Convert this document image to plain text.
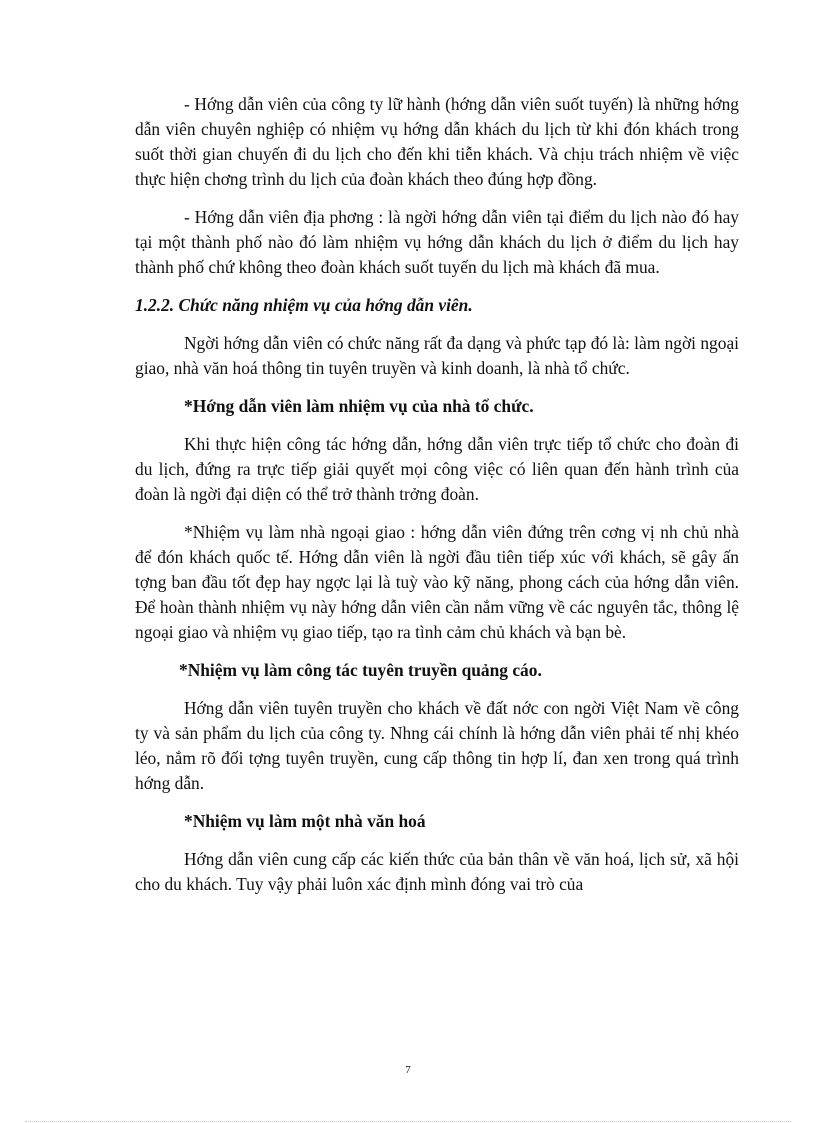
- Hớng dẫn viên của công ty lữ hành (hớng dẫn viên suốt tuyến) là những hớng dẫn viên chuyên nghiệp có nhiệm vụ hớng dẫn khách du lịch từ khi đón khách trong suốt thời gian chuyến đi du lịch cho đến khi tiễn khách. Và chịu trách nhiệm về việc thực hiện chơng trình du lịch của đoàn khách theo đúng hợp đồng.

- Hớng dẫn viên địa phơng : là ngời hớng dẫn viên tại điểm du lịch nào đó hay tại một thành phố nào đó làm nhiệm vụ hớng dẫn khách du lịch ở điểm du lịch hay thành phố chứ không theo đoàn khách suốt tuyến du lịch mà khách đã mua.

1.2.2. Chức năng nhiệm vụ của hớng dẫn viên.

Ngời hớng dẫn viên có chức năng rất đa dạng và phức tạp đó là: làm ngời ngoại giao, nhà văn hoá thông tin tuyên truyền và kinh doanh, là nhà tổ chức.

*Hớng dẫn viên làm nhiệm vụ của nhà tổ chức.

Khi thực hiện công tác hớng dẫn, hớng dẫn viên trực tiếp tổ chức cho đoàn đi du lịch, đứng ra trực tiếp giải quyết mọi công việc có liên quan đến hành trình của đoàn là ngời đại diện có thể trở thành trởng đoàn.

*Nhiệm vụ làm nhà ngoại giao : hớng dẫn viên đứng trên cơng vị nh chủ nhà để đón khách quốc tế. Hớng dẫn viên là ngời đầu tiên tiếp xúc với khách, sẽ gây ấn tợng ban đầu tốt đẹp hay ngợc lại là tuỳ vào kỹ năng, phong cách của hớng dẫn viên. Để hoàn thành nhiệm vụ này hớng dẫn viên cần nắm vững về các nguyên tắc, thông lệ ngoại giao và nhiệm vụ giao tiếp, tạo ra tình cảm chủ khách và bạn bè.

*Nhiệm vụ làm công tác tuyên truyền quảng cáo.

Hớng dẫn viên tuyên truyền cho khách về đất nớc con ngời Việt Nam về công ty và sản phẩm du lịch của công ty. Nhng cái chính là hớng dẫn viên phải tế nhị khéo léo, nắm rõ đối tợng tuyên truyền, cung cấp thông tin hợp lí, đan xen trong quá trình hớng dẫn.

*Nhiệm vụ làm một nhà văn hoá

Hớng dẫn viên cung cấp các kiến thức của bản thân về văn hoá, lịch sử, xã hội cho du khách. Tuy vậy phải luôn xác định mình đóng vai trò của

7
